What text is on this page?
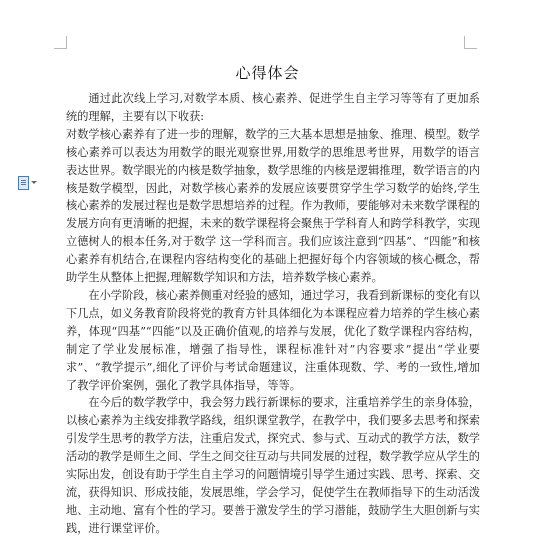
心得体会

通过此次线上学习,对数学本质、核心素养、促进学生自主学习等等有了更加系统的理解，主要有以下收获:

对数学核心素养有了进一步的理解，数学的三大基本思想是抽象、推理、模型。数学核心素养可以表达为用数学的眼光观察世界,用数学的思维思考世界，用数学的语言表达世界。数学眼光的内核是数学抽象，数学思维的内核是逻辑推理，数学语言的内核是数学模型，因此，对数学核心素养的发展应该要贯穿学生学习数学的始终,学生核心素养的发展过程也是数学思想培养的过程。作为教师，要能够对未来数学课程的发展方向有更清晰的把握，未来的数学课程将会聚焦于学科育人和跨学科教学，实现立德树人的根本任务,对于数学 这一学科而言。我们应该注意到“四基”、“四能”和核心素养有机结合,在课程内容结构变化的基础上把握好每个内容领域的核心概念，帮助学生从整体上把握,理解数学知识和方法，培养数学核心素养。

在小学阶段，核心素养侧重对经验的感知，通过学习，我看到新课标的变化有以下几点，如义务教育阶段将党的教育方针具体细化为本课程应着力培养的学生核心素养，体现“四基”“四能”以及正确价值观,的培养与发展，优化了数学课程内容结构，制定了学业发展标准，增强了指导性，课程标准针对”内容要求”提出“学业要求”、“教学提示”,细化了评价与考试命题建议，注重体现数、学、考的一致性,增加了教学评价案例，强化了教学具体指导，等等。

在今后的数学教学中，我会努力践行新课标的要求，注重培养学生的亲身体验，以核心素养为主线安排教学路线，组织课堂教学，在教学中，我们要多去思考和探索引发学生思考的教学方法，注重启发式，探究式、参与式、互动式的教学方法，数学活动的教学是师生之间、学生之间交往互动与共同发展的过程，数学教学应从学生的实际出发，创设有助于学生自主学习的问题情境引导学生通过实践、思考、探索、交流，获得知识、形成技能，发展思维，学会学习，促使学生在教师指导下的生动活泼地、主动地、富有个性的学习。要善于激发学生的学习潜能，鼓励学生大胆创新与实践，进行课堂评价。
